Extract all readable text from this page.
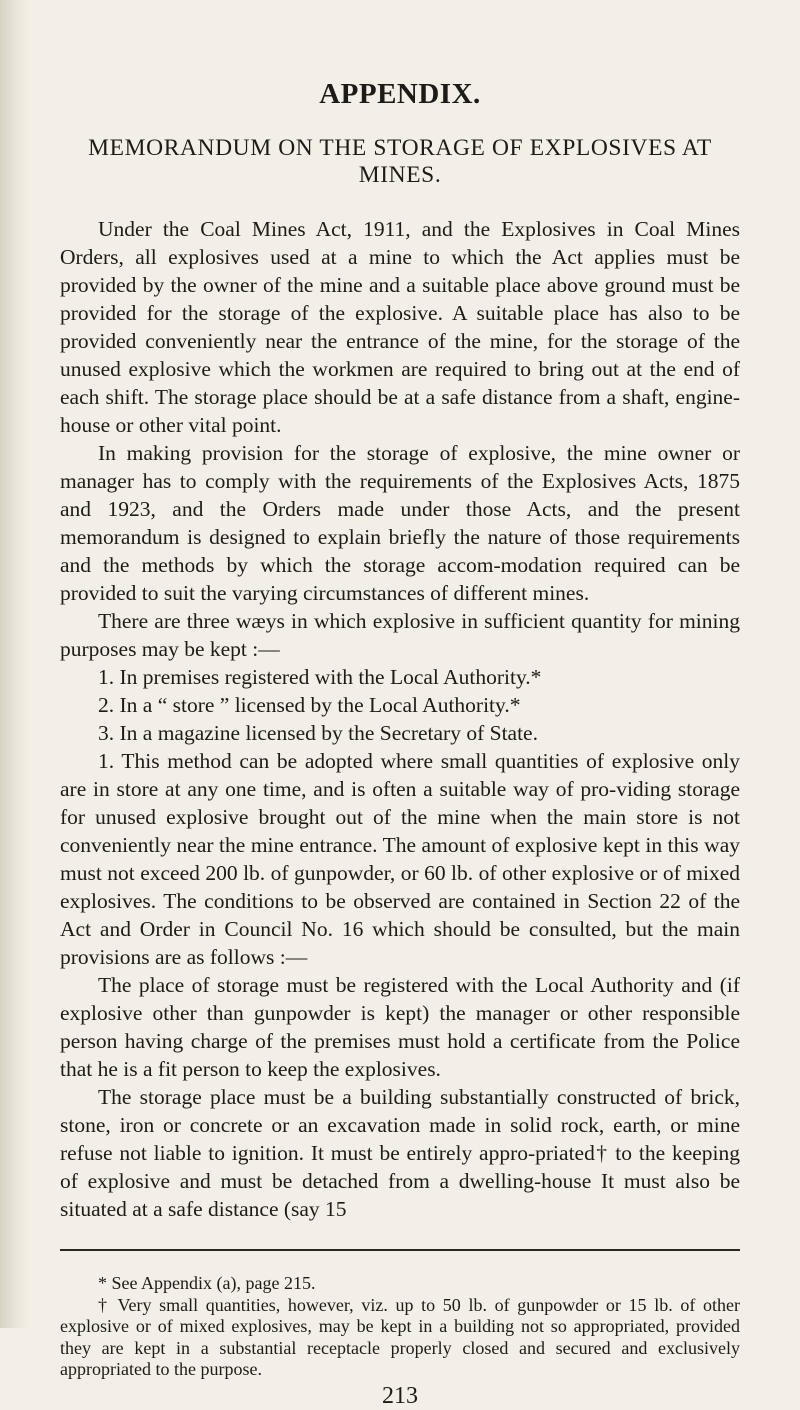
APPENDIX.
MEMORANDUM ON THE STORAGE OF EXPLOSIVES AT MINES.

Under the Coal Mines Act, 1911, and the Explosives in Coal Mines Orders, all explosives used at a mine to which the Act applies must be provided by the owner of the mine and a suitable place above ground must be provided for the storage of the explosive. A suitable place has also to be provided conveniently near the entrance of the mine, for the storage of the unused explosive which the workmen are required to bring out at the end of each shift. The storage place should be at a safe distance from a shaft, engine-house or other vital point.

In making provision for the storage of explosive, the mine owner or manager has to comply with the requirements of the Explosives Acts, 1875 and 1923, and the Orders made under those Acts, and the present memorandum is designed to explain briefly the nature of those requirements and the methods by which the storage accom-modation required can be provided to suit the varying circumstances of different mines.

There are three wæys in which explosive in sufficient quantity for mining purposes may be kept :—

1. In premises registered with the Local Authority.*
2. In a “ store ” licensed by the Local Authority.*
3. In a magazine licensed by the Secretary of State.

1. This method can be adopted where small quantities of explosive only are in store at any one time, and is often a suitable way of pro-viding storage for unused explosive brought out of the mine when the main store is not conveniently near the mine entrance. The amount of explosive kept in this way must not exceed 200 lb. of gunpowder, or 60 lb. of other explosive or of mixed explosives. The conditions to be observed are contained in Section 22 of the Act and Order in Council No. 16 which should be consulted, but the main provisions are as follows :—

The place of storage must be registered with the Local Authority and (if explosive other than gunpowder is kept) the manager or other responsible person having charge of the premises must hold a certificate from the Police that he is a fit person to keep the explosives.

The storage place must be a building substantially constructed of brick, stone, iron or concrete or an excavation made in solid rock, earth, or mine refuse not liable to ignition. It must be entirely appro-priated† to the keeping of explosive and must be detached from a dwelling-house It must also be situated at a safe distance (say 15

* See Appendix (a), page 215.

† Very small quantities, however, viz. up to 50 lb. of gunpowder or 15 lb. of other explosive or of mixed explosives, may be kept in a building not so appropriated, provided they are kept in a substantial receptacle properly closed and secured and exclusively appropriated to the purpose.

213
